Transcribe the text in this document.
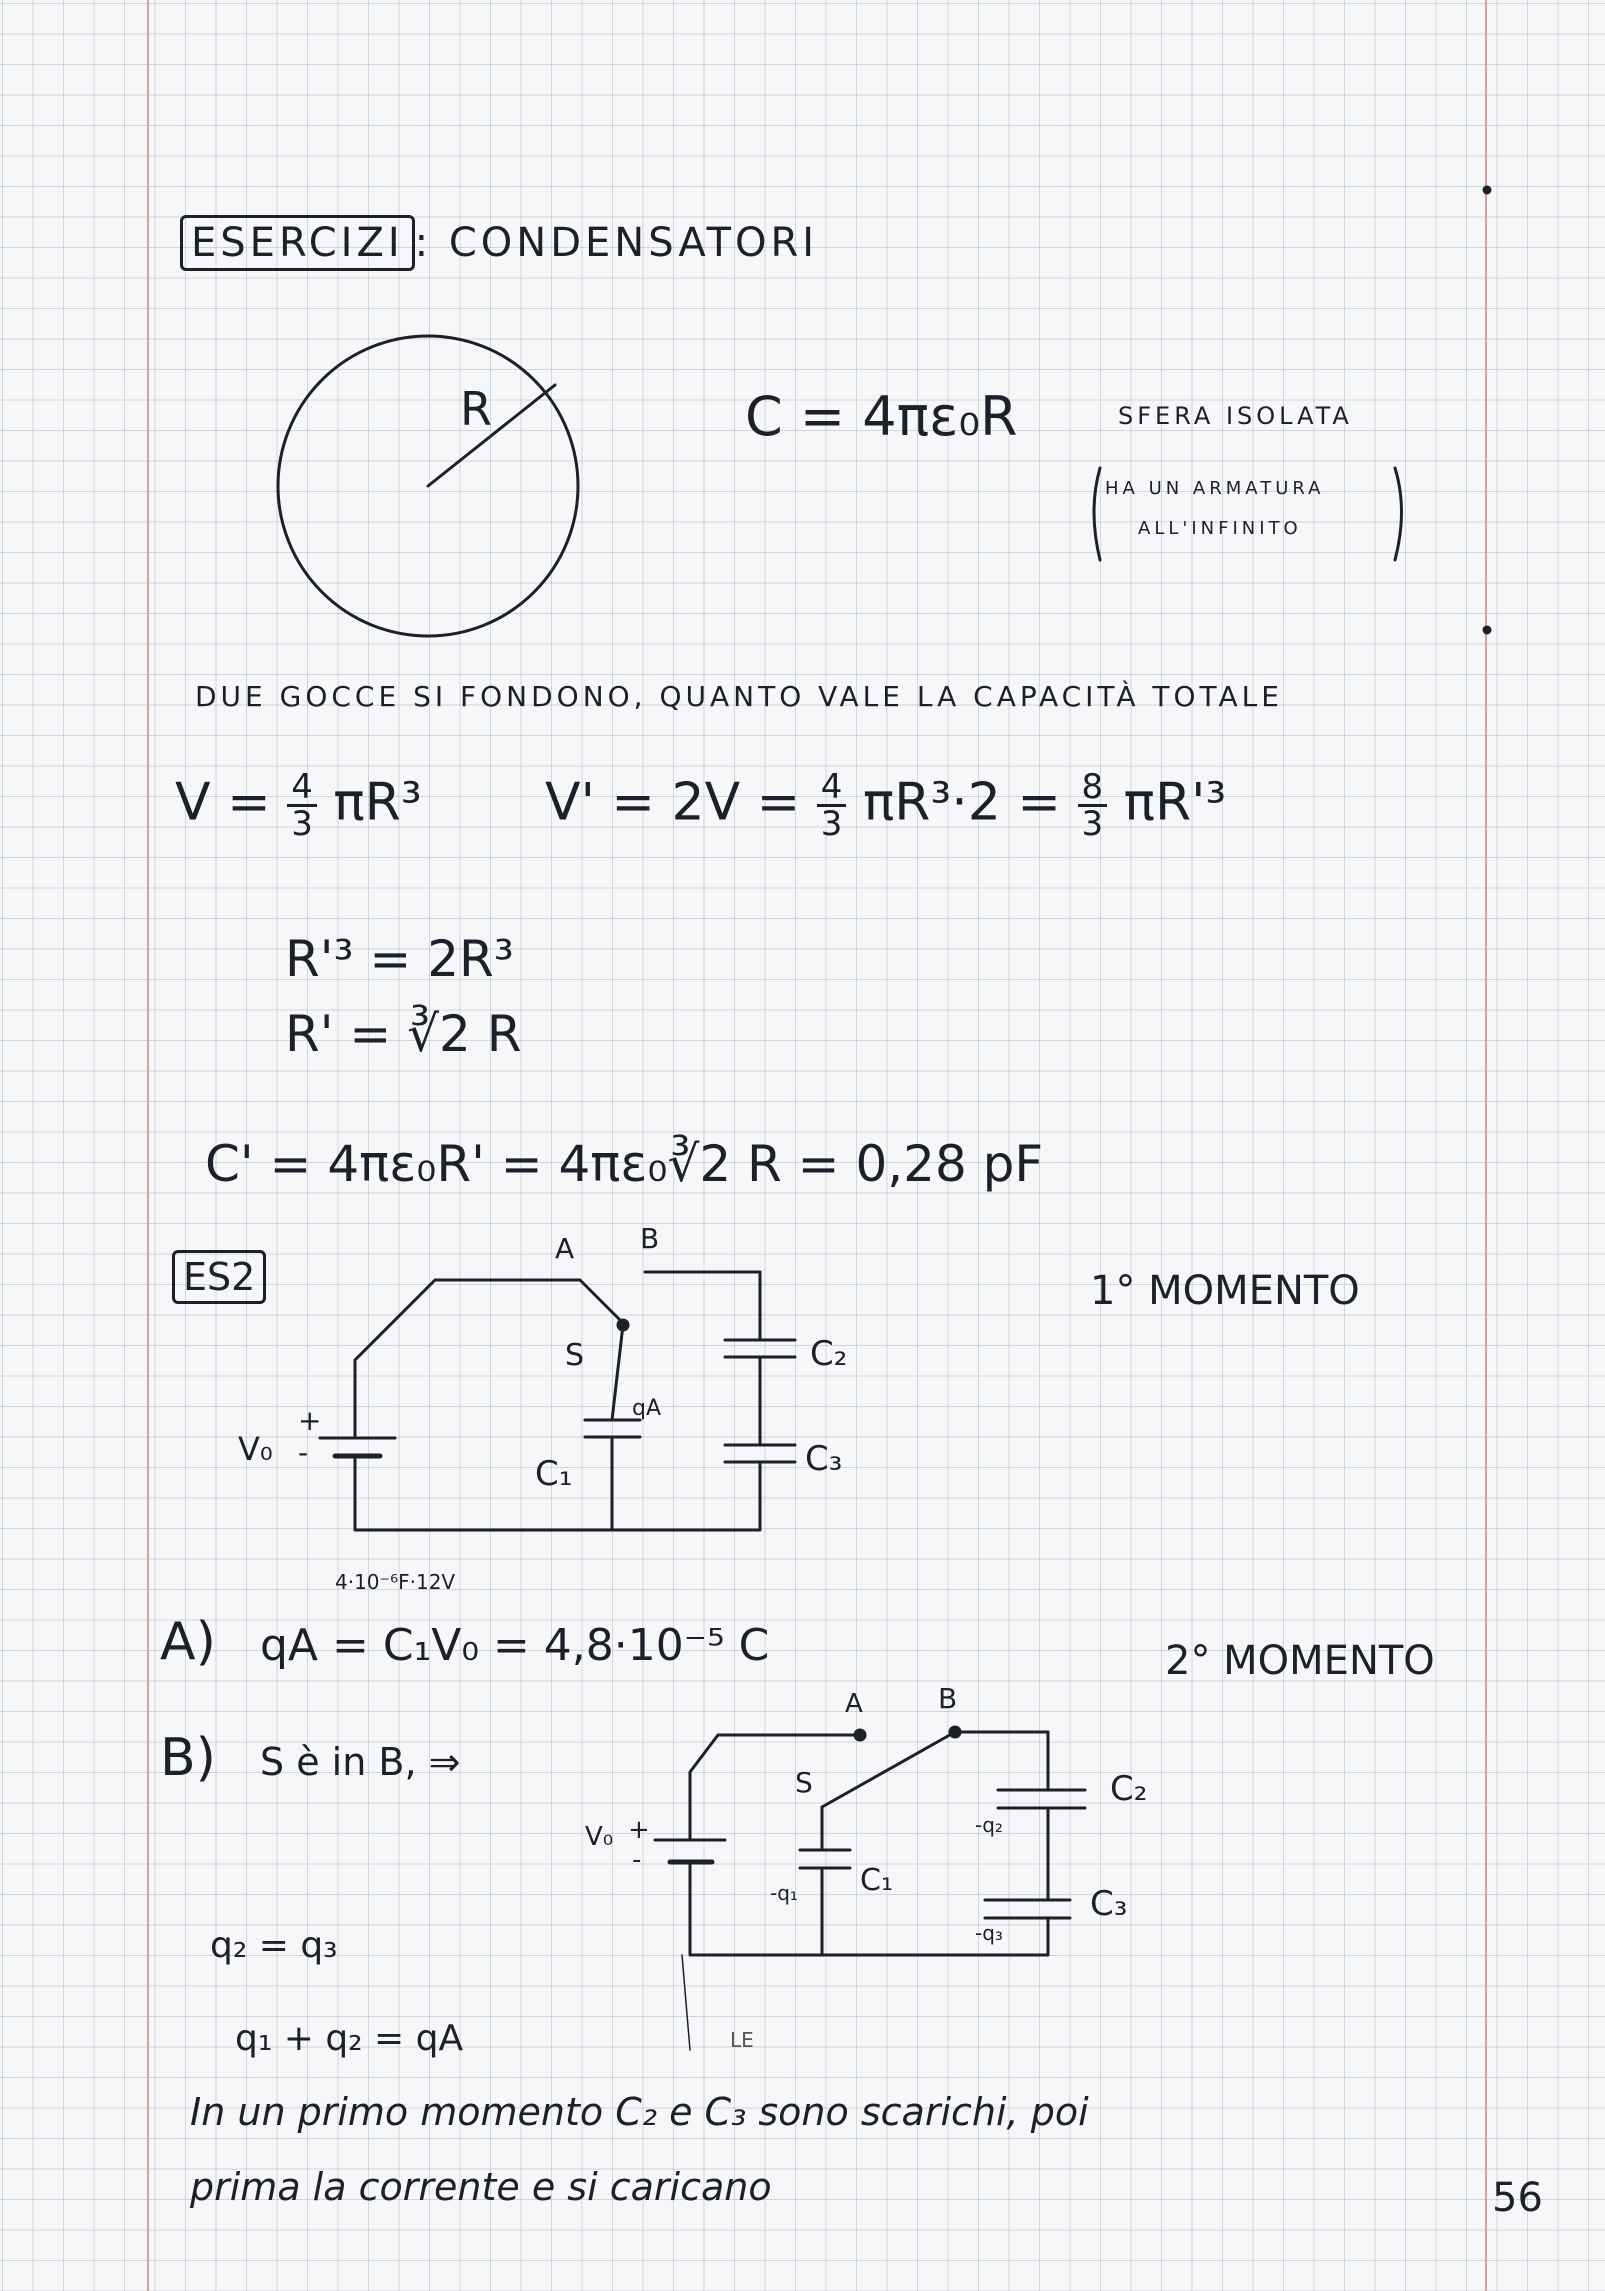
ESERCIZI : CONDENSATORI
R	C = 4πε₀R	SFERA ISOLATA
HA UN ARMATURA
ALL'INFINITO
DUE GOCCE SI FONDONO, QUANTO VALE LA CAPACITÀ TOTALE
$V = \frac{4}{3} \pi R^3$ $V' = 2V = \frac{4}{3} \pi R^3\cdot 2 = \frac{8}{3} \pi R'^3$
R'³ = 2R³
R' = ∛2 R
C' = 4πε₀R' = 4πε₀∛2 R = 0,28 pF
ES2	1° MOMENTO
A B
S
qA
V₀
+
-
C₁
C₂
C₃
4·10⁻⁶F·12V
A) qA = C₁V₀ = 4,8·10⁻⁵ C	2° MOMENTO
B) S è in B, ⇒
A	B
S
V₀ +
-
-q₁ C₁
-q₂
C₂
-q₃
C₃
q₂ = q₃
q₁ + q₂ = qA	LE
In un primo momento C₂ e C₃ sono scarichi, poi
prima la corrente e si caricano	56
